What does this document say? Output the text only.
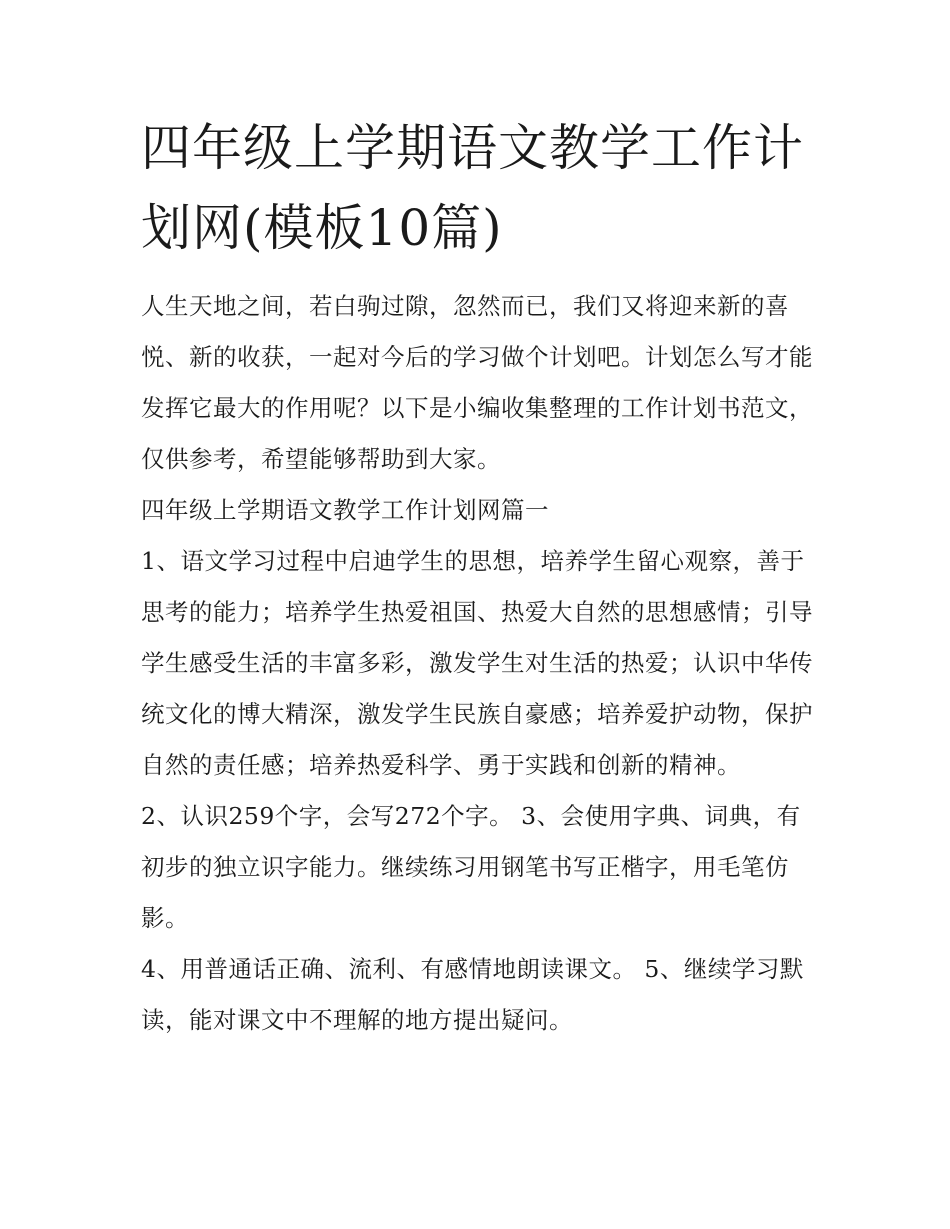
四年级上学期语文教学工作计划网(模板10篇)

人生天地之间，若白驹过隙，忽然而已，我们又将迎来新的喜悦、新的收获，一起对今后的学习做个计划吧。计划怎么写才能发挥它最大的作用呢？以下是小编收集整理的工作计划书范文，仅供参考，希望能够帮助到大家。

四年级上学期语文教学工作计划网篇一

1、语文学习过程中启迪学生的思想，培养学生留心观察，善于思考的能力；培养学生热爱祖国、热爱大自然的思想感情；引导学生感受生活的丰富多彩，激发学生对生活的热爱；认识中华传统文化的博大精深，激发学生民族自豪感；培养爱护动物，保护自然的责任感；培养热爱科学、勇于实践和创新的精神。

2、认识259个字，会写272个字。 3、会使用字典、词典，有初步的独立识字能力。继续练习用钢笔书写正楷字，用毛笔仿影。

4、用普通话正确、流利、有感情地朗读课文。 5、继续学习默读，能对课文中不理解的地方提出疑问。
